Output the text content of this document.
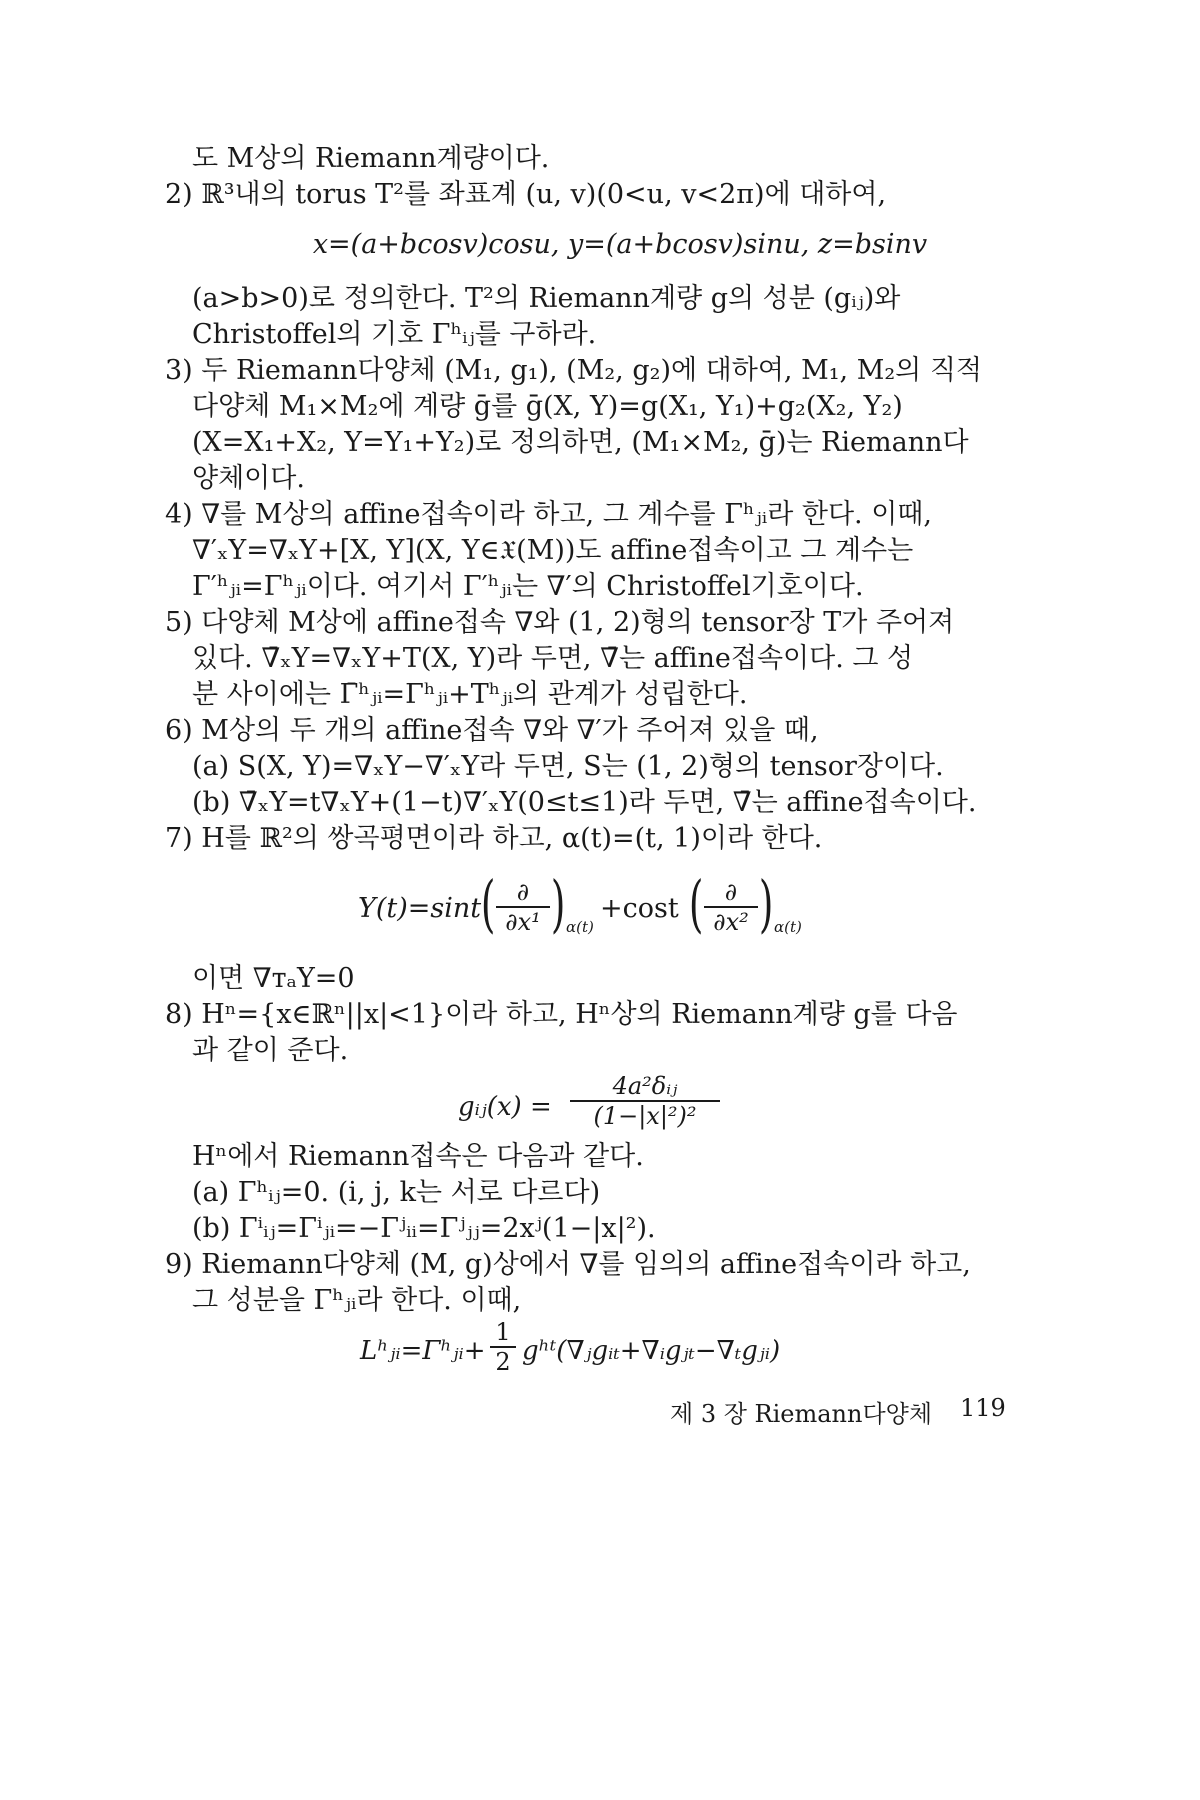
도 M상의 Riemann계량이다.

2) ℝ³내의 torus T²를 좌표계 (u, v)(0<u, v<2π)에 대하여,

x=(a+bcosv)cosu, y=(a+bcosv)sinu, z=bsinv

(a>b>0)로 정의한다. T²의 Riemann계량 g의 성분 (gᵢⱼ)와

Christoffel의 기호 Γʰᵢⱼ를 구하라.

3) 두 Riemann다양체 (M₁, g₁), (M₂, g₂)에 대하여, M₁, M₂의 직적

다양체 M₁×M₂에 계량 ḡ를 ḡ(X, Y)=g(X₁, Y₁)+g₂(X₂, Y₂)

(X=X₁+X₂, Y=Y₁+Y₂)로 정의하면, (M₁×M₂, ḡ)는 Riemann다

양체이다.

4) ∇를 M상의 affine접속이라 하고, 그 계수를 Γʰⱼᵢ라 한다. 이때,

∇′ₓY=∇ₓY+[X, Y](X, Y∈𝔛(M))도 affine접속이고 그 계수는

Γ′ʰⱼᵢ=Γʰⱼᵢ이다. 여기서 Γ′ʰⱼᵢ는 ∇′의 Christoffel기호이다.

5) 다양체 M상에 affine접속 ∇와 (1, 2)형의 tensor장 T가 주어져

있다. ∇̄ₓY=∇ₓY+T(X, Y)라 두면, ∇̄는 affine접속이다. 그 성

분 사이에는 Γ̄ʰⱼᵢ=Γʰⱼᵢ+Tʰⱼᵢ의 관계가 성립한다.

6) M상의 두 개의 affine접속 ∇와 ∇′가 주어져 있을 때,

(a) S(X, Y)=∇ₓY−∇′ₓY라 두면, S는 (1, 2)형의 tensor장이다.

(b) ∇̄ₓY=t∇ₓY+(1−t)∇′ₓY(0≤t≤1)라 두면, ∇̄는 affine접속이다.

7) H를 ℝ²의 쌍곡평면이라 하고, α(t)=(t, 1)이라 한다.

Y(t)=sint ( ∂
∂x¹ ) α(t)
+cost ( ∂
∂x² ) α(t)

이면 ∇ᴛₐY=0

8) Hⁿ={x∈ℝⁿ||x|<1}이라 하고, Hⁿ상의 Riemann계량 g를 다음

과 같이 준다.

gᵢⱼ(x) =
4a²δᵢⱼ
(1−|x|²)²

Hⁿ에서 Riemann접속은 다음과 같다.

(a) Γʰᵢⱼ=0. (i, j, k는 서로 다르다)

(b) Γⁱᵢⱼ=Γⁱⱼᵢ=−Γʲᵢᵢ=Γʲⱼⱼ=2xʲ(1−|x|²).

9) Riemann다양체 (M, g)상에서 ∇를 임의의 affine접속이라 하고,

그 성분을 Γʰⱼᵢ라 한다. 이때,

Lʰⱼᵢ=Γʰⱼᵢ+
1
2 gʰᵗ(∇ⱼgᵢₜ+∇ᵢgⱼₜ−∇ₜgⱼᵢ)
제 3 장 Riemann다양체 119
